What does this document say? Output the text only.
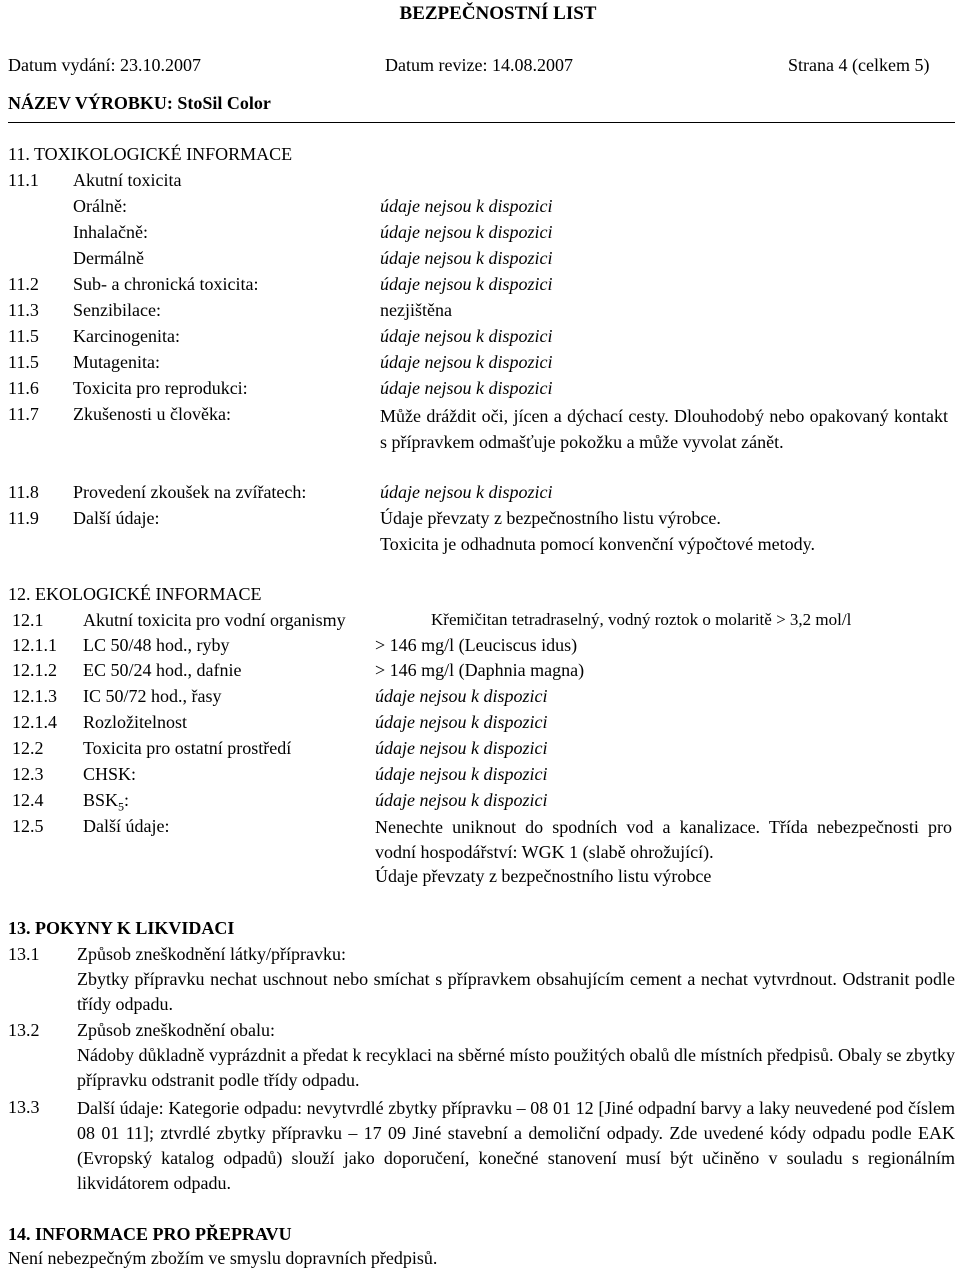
BEZPEČNOSTNÍ LIST
Datum vydání: 23.10.2007	Datum revize: 14.08.2007	Strana 4 (celkem 5)
NÁZEV VÝROBKU: StoSil Color
11. TOXIKOLOGICKÉ INFORMACE
11.1 Akutní toxicita
Orálně:	údaje nejsou k dispozici
Inhalačně:	údaje nejsou k dispozici
Dermálně	údaje nejsou k dispozici
11.2 Sub- a chronická toxicita:	údaje nejsou k dispozici
11.3 Senzibilace:	nezjištěna
11.5 Karcinogenita:	údaje nejsou k dispozici
11.5 Mutagenita:	údaje nejsou k dispozici
11.6 Toxicita pro reprodukci:	údaje nejsou k dispozici
11.7 Zkušenosti u člověka:	Může dráždit oči, jícen a dýchací cesty. Dlouhodobý nebo opakovaný kontakt s přípravkem odmašťuje pokožku a může vyvolat zánět.
11.8 Provedení zkoušek na zvířatech:	údaje nejsou k dispozici
11.9 Další údaje:	Údaje převzaty z bezpečnostního listu výrobce.
Toxicita je odhadnuta pomocí konvenční výpočtové metody.
12. EKOLOGICKÉ INFORMACE
12.1 Akutní toxicita pro vodní organismy	Křemičitan tetradraselný, vodný roztok o molaritě > 3,2 mol/l
12.1.1 LC 50/48 hod., ryby	> 146 mg/l (Leuciscus idus)
12.1.2 EC 50/24 hod., dafnie	> 146 mg/l (Daphnia magna)
12.1.3 IC 50/72 hod., řasy	údaje nejsou k dispozici
12.1.4 Rozložitelnost	údaje nejsou k dispozici
12.2 Toxicita pro ostatní prostředí	údaje nejsou k dispozici
12.3 CHSK:	údaje nejsou k dispozici
12.4 $BSK_5$:	údaje nejsou k dispozici
12.5 Další údaje:	Nenechte uniknout do spodních vod a kanalizace. Třída nebezpečnosti pro vodní hospodářství: WGK 1 (slabě ohrožující).
Údaje převzaty z bezpečnostního listu výrobce
13. POKYNY K LIKVIDACI
13.1 Způsob zneškodnění látky/přípravku:
Zbytky přípravku nechat uschnout nebo smíchat s přípravkem obsahujícím cement a nechat vytvrdnout. Odstranit podle třídy odpadu.
13.2 Způsob zneškodnění obalu:
Nádoby důkladně vyprázdnit a předat k recyklaci na sběrné místo použitých obalů dle místních předpisů. Obaly se zbytky přípravku odstranit podle třídy odpadu.
13.3 Další údaje: Kategorie odpadu: nevytvrdlé zbytky přípravku – 08 01 12 [Jiné odpadní barvy a laky neuvedené pod číslem 08 01 11]; ztvrdlé zbytky přípravku – 17 09 Jiné stavební a demoliční odpady. Zde uvedené kódy odpadu podle EAK (Evropský katalog odpadů) slouží jako doporučení, konečné stanovení musí být učiněno v souladu s regionálním likvidátorem odpadu.
14. INFORMACE PRO PŘEPRAVU
Není nebezpečným zbožím ve smyslu dopravních předpisů.
